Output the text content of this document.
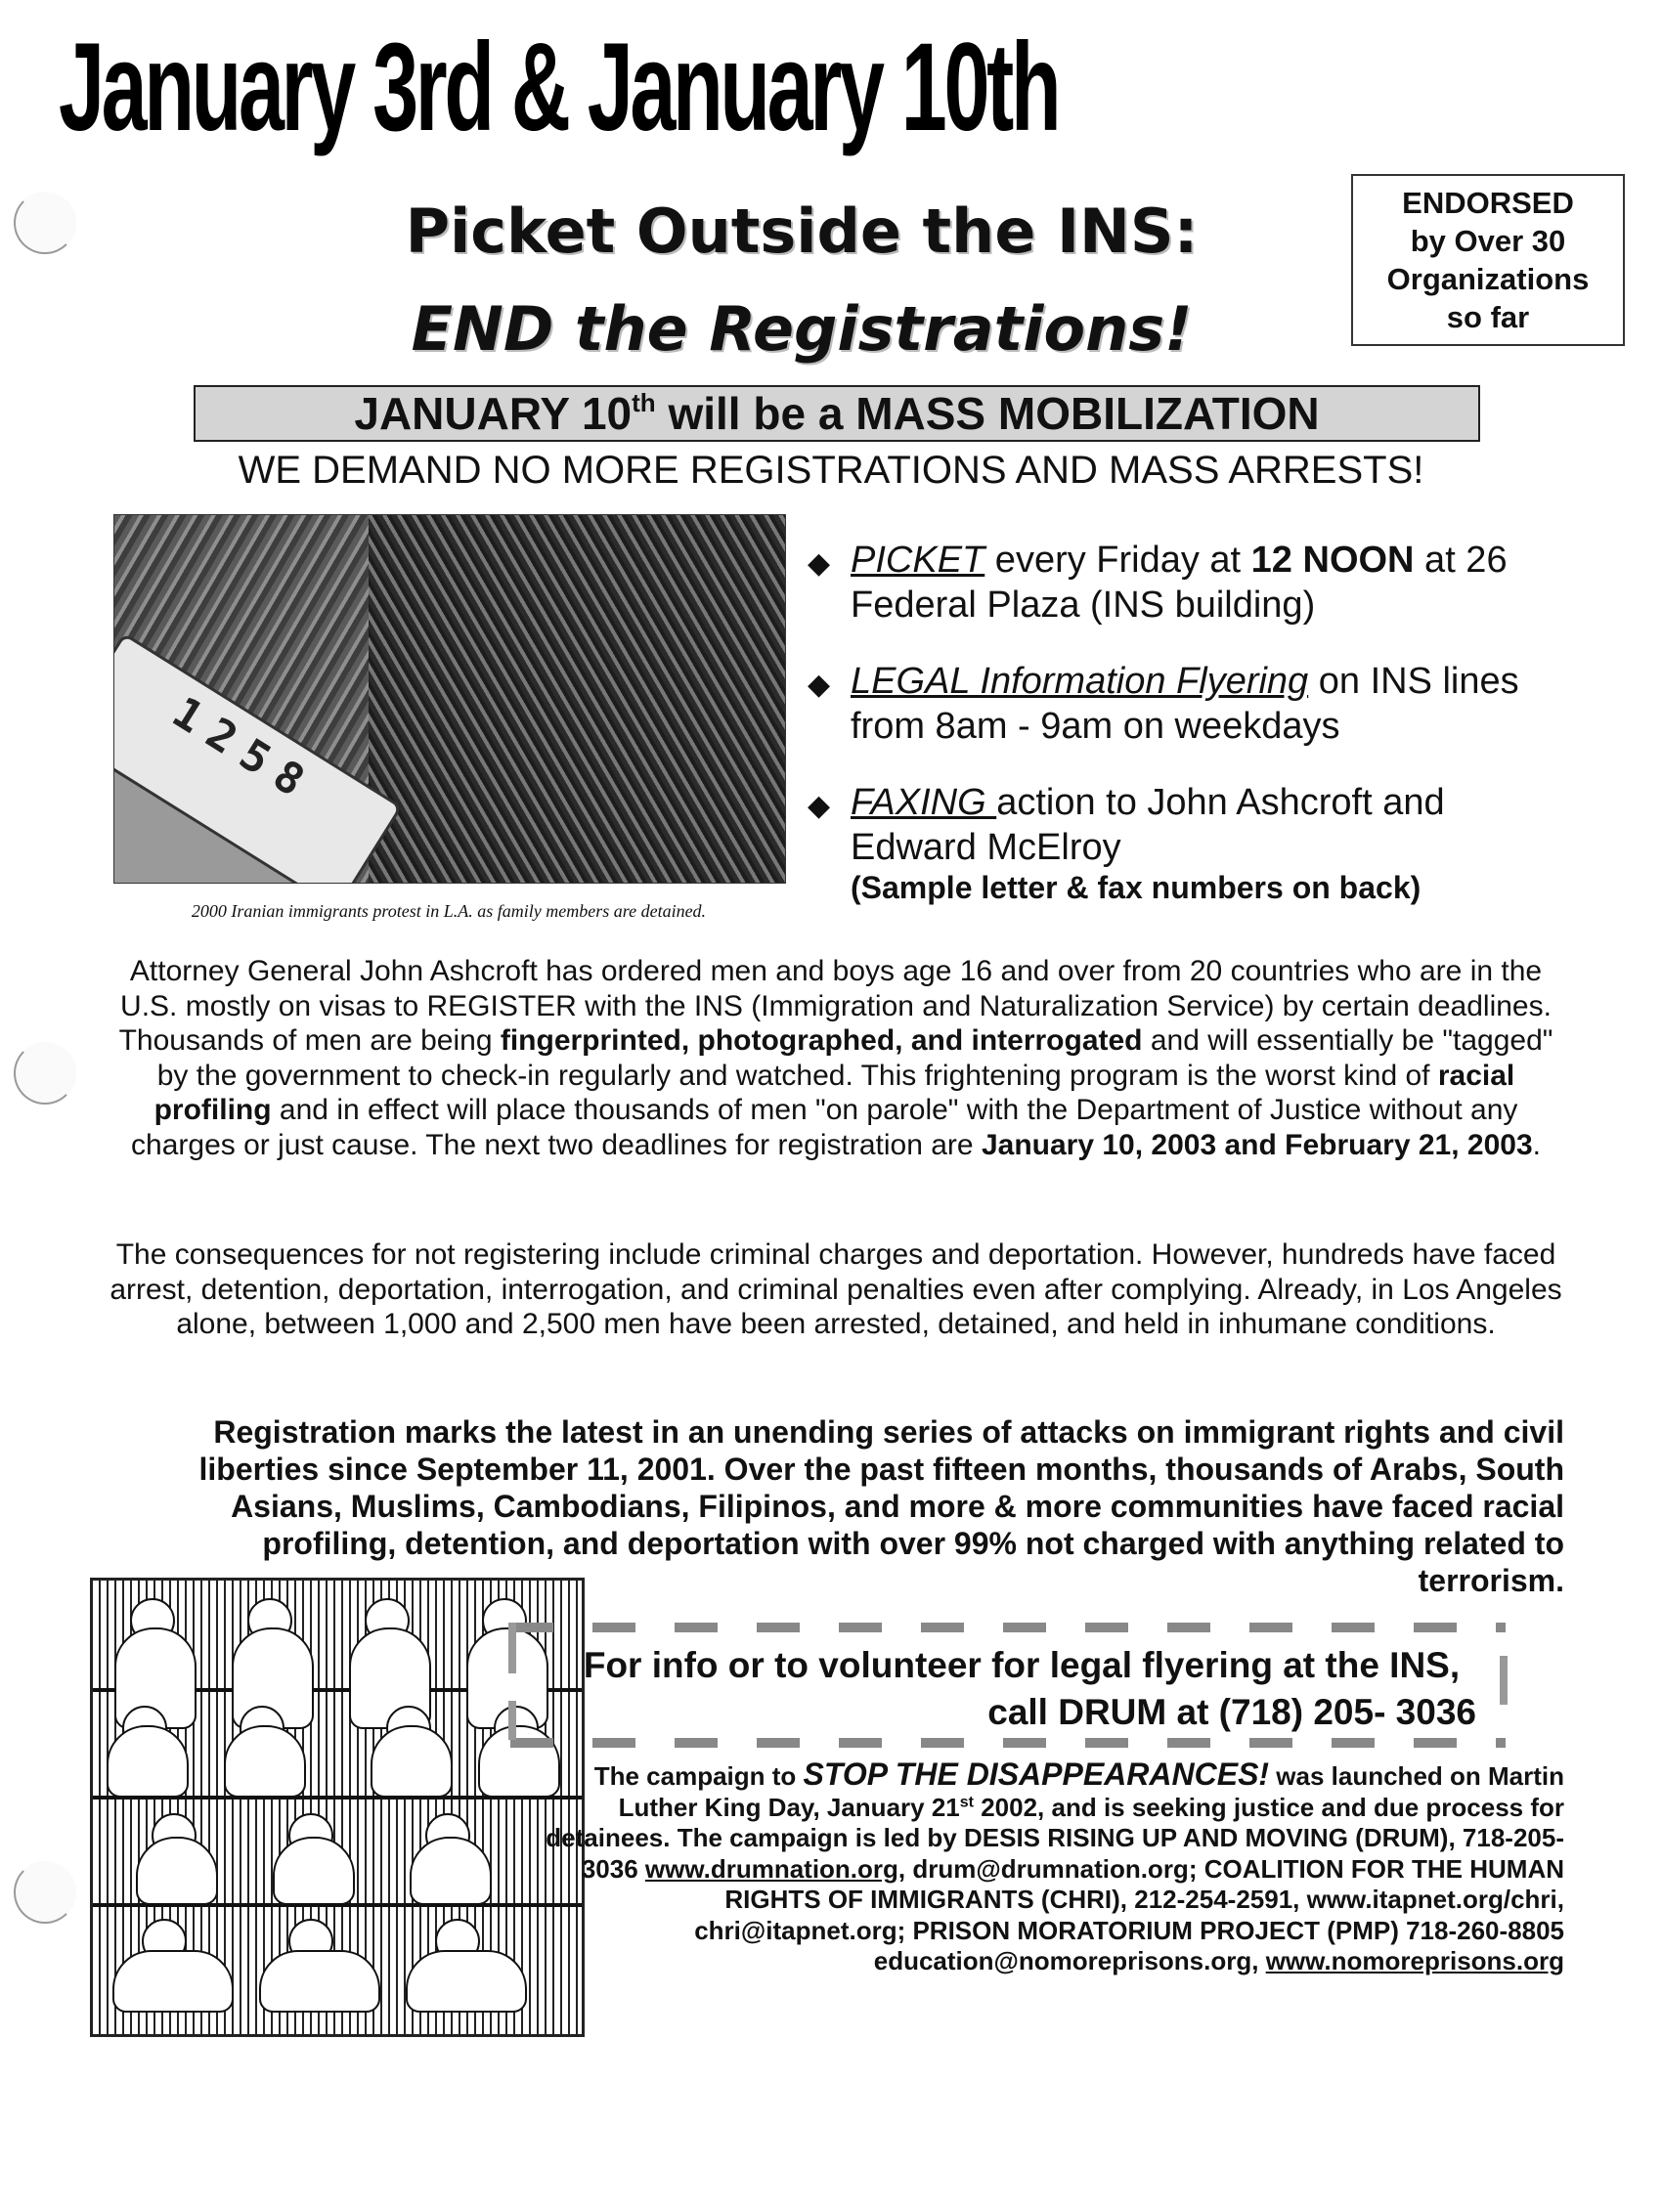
January 3rd & January 10th
Picket Outside the INS:
END the Registrations!
ENDORSED
by Over 30
Organizations
so far
JANUARY 10th will be a MASS MOBILIZATION
WE DEMAND NO MORE REGISTRATIONS AND MASS ARRESTS!
1258
2000 Iranian immigrants protest in L.A. as family members are detained.
◆ PICKET every Friday at 12 NOON at 26 Federal Plaza (INS building)
◆ LEGAL Information Flyering on INS lines from 8am - 9am on weekdays
◆ FAXING action to John Ashcroft and Edward McElroy
(Sample letter & fax numbers on back)
Attorney General John Ashcroft has ordered men and boys age 16 and over from 20 countries who are in the U.S. mostly on visas to REGISTER with the INS (Immigration and Naturalization Service) by certain deadlines. Thousands of men are being fingerprinted, photographed, and interrogated and will essentially be "tagged" by the government to check-in regularly and watched. This frightening program is the worst kind of racial profiling and in effect will place thousands of men "on parole" with the Department of Justice without any charges or just cause. The next two deadlines for registration are January 10, 2003 and February 21, 2003.
The consequences for not registering include criminal charges and deportation. However, hundreds have faced arrest, detention, deportation, interrogation, and criminal penalties even after complying. Already, in Los Angeles alone, between 1,000 and 2,500 men have been arrested, detained, and held in inhumane conditions.
Registration marks the latest in an unending series of attacks on immigrant rights and civil liberties since September 11, 2001. Over the past fifteen months, thousands of Arabs, South Asians, Muslims, Cambodians, Filipinos, and more & more communities have faced racial profiling, detention, and deportation with over 99% not charged with anything related to terrorism.
For info or to volunteer for legal flyering at the INS,
call DRUM at (718) 205- 3036
The campaign to STOP THE DISAPPEARANCES! was launched on Martin Luther King Day, January 21st 2002, and is seeking justice and due process for detainees. The campaign is led by DESIS RISING UP AND MOVING (DRUM), 718-205-3036 www.drumnation.org, drum@drumnation.org; COALITION FOR THE HUMAN RIGHTS OF IMMIGRANTS (CHRI), 212-254-2591, www.itapnet.org/chri, chri@itapnet.org; PRISON MORATORIUM PROJECT (PMP) 718-260-8805 education@nomoreprisons.org, www.nomoreprisons.org
